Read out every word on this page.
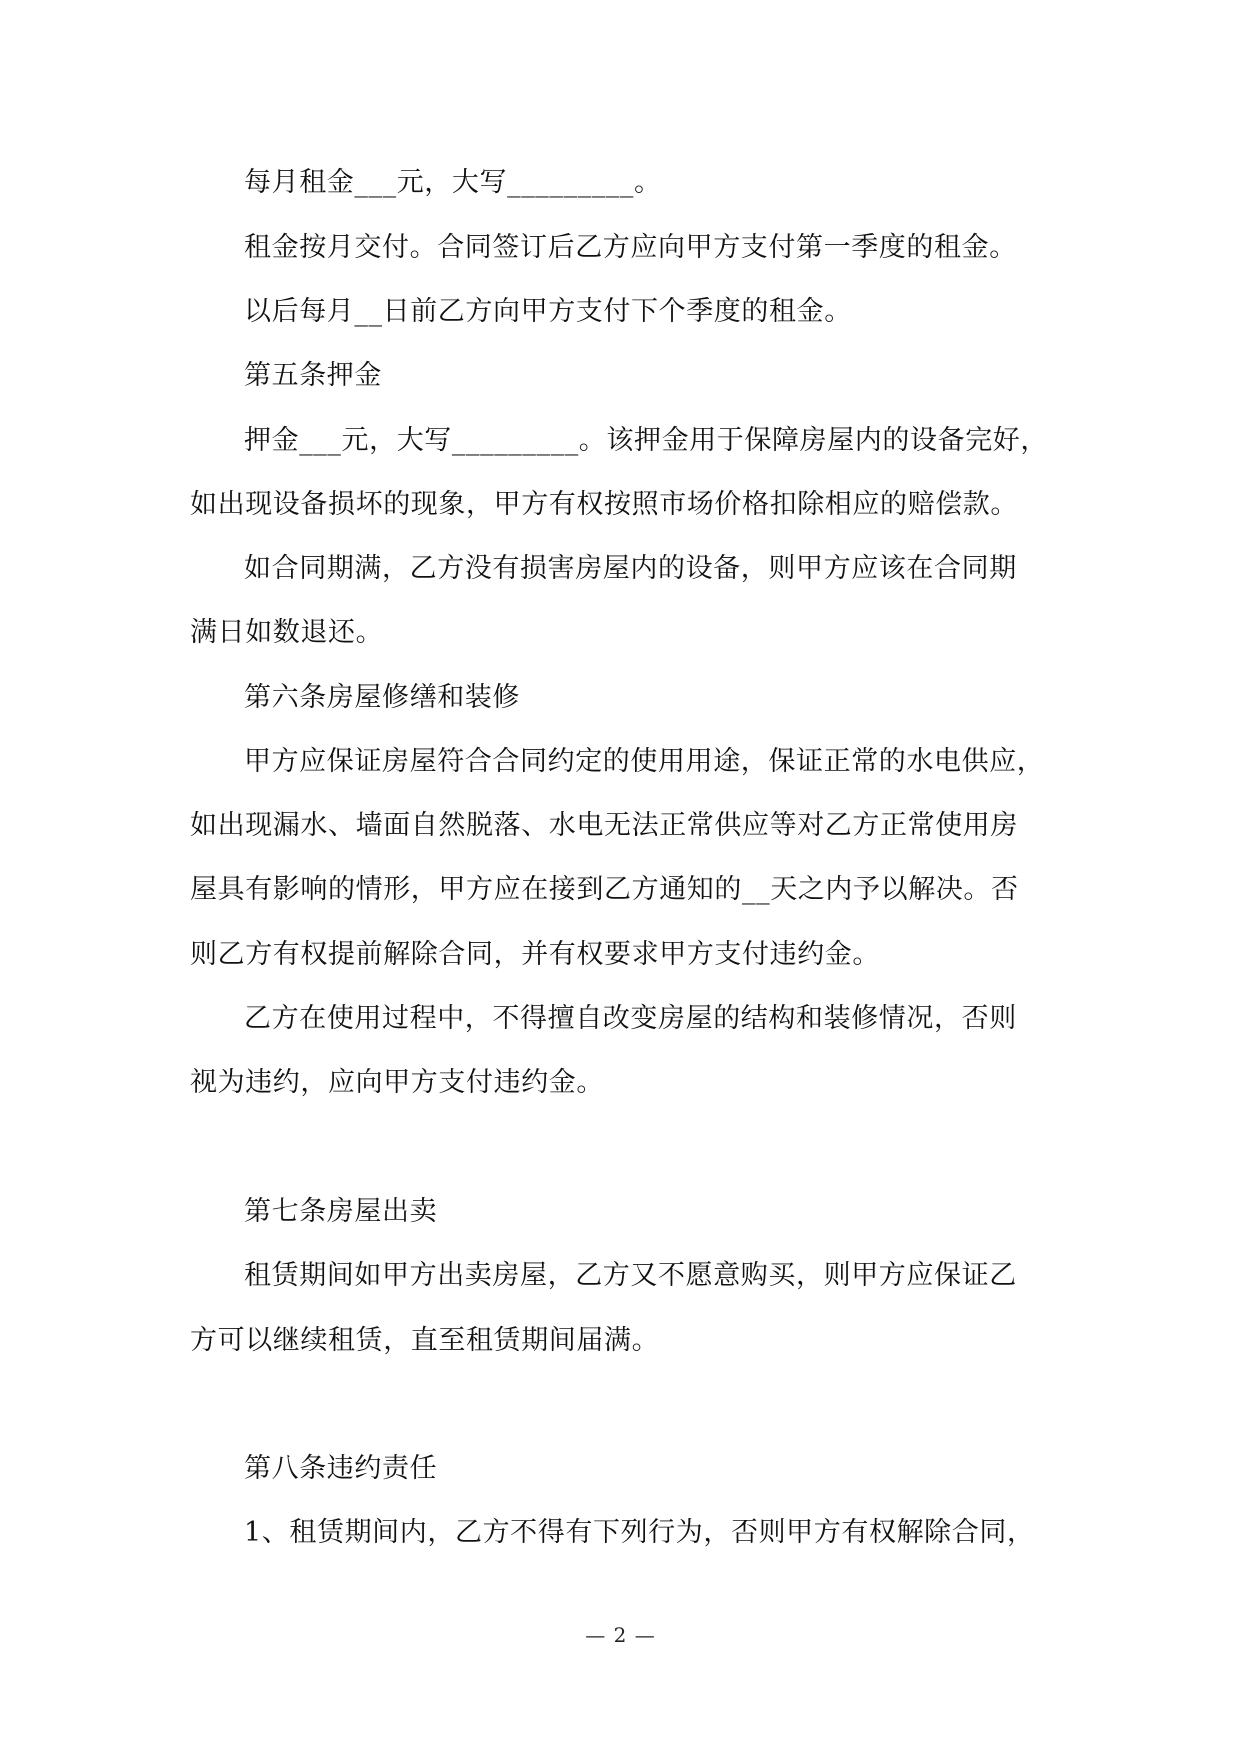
每月租金___元，大写_________。
租金按月交付。合同签订后乙方应向甲方支付第一季度的租金。
以后每月__日前乙方向甲方支付下个季度的租金。
第五条押金
押金___元，大写_________。该押金用于保障房屋内的设备完好，
如出现设备损坏的现象，甲方有权按照市场价格扣除相应的赔偿款。
如合同期满，乙方没有损害房屋内的设备，则甲方应该在合同期
满日如数退还。
第六条房屋修缮和装修
甲方应保证房屋符合合同约定的使用用途，保证正常的水电供应，
如出现漏水、墙面自然脱落、水电无法正常供应等对乙方正常使用房
屋具有影响的情形，甲方应在接到乙方通知的__天之内予以解决。否
则乙方有权提前解除合同，并有权要求甲方支付违约金。
乙方在使用过程中，不得擅自改变房屋的结构和装修情况，否则
视为违约，应向甲方支付违约金。
第七条房屋出卖
租赁期间如甲方出卖房屋，乙方又不愿意购买，则甲方应保证乙
方可以继续租赁，直至租赁期间届满。
第八条违约责任
1、租赁期间内，乙方不得有下列行为，否则甲方有权解除合同，
— 2 —
